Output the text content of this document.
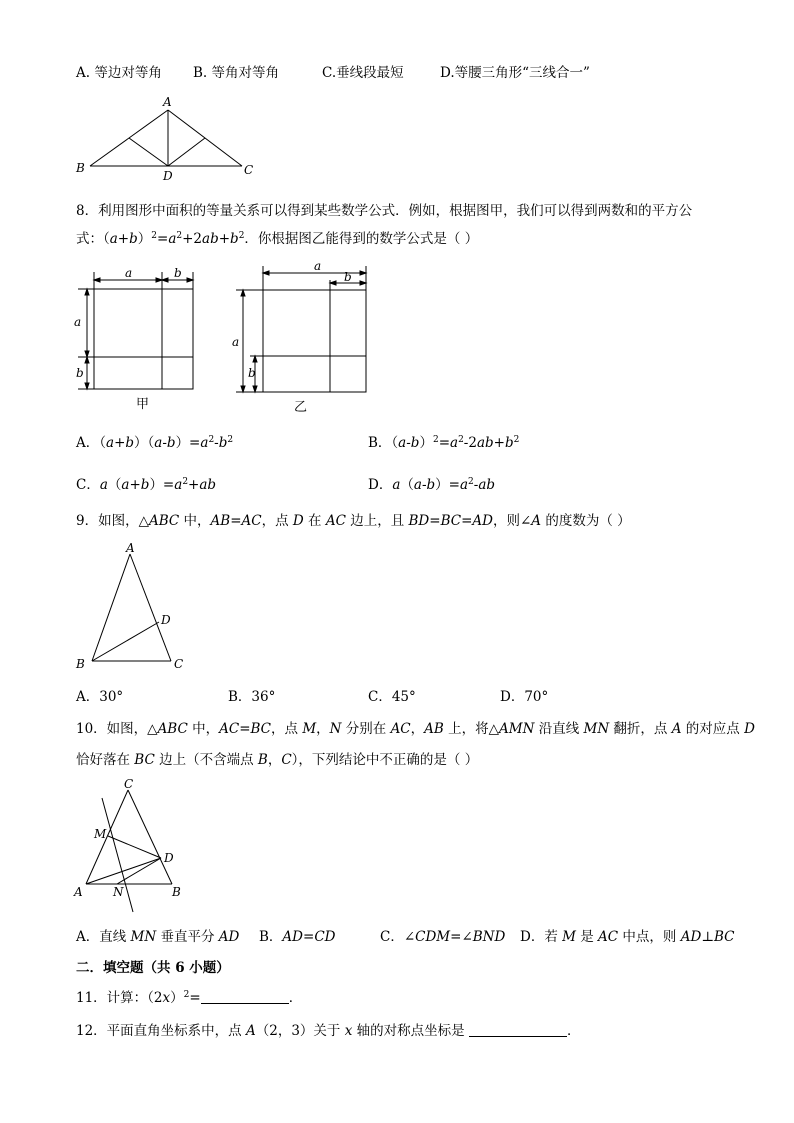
A. 等边对等角 B. 等角对等角	C.垂线段最短	D.等腰三角形“三线合一”
A
B	C
D
8．利用图形中面积的等量关系可以得到某些数学公式．例如，根据图甲，我们可以得到两数和的平方公
式：$(a+b)^2=a^2+2ab+b^2$．你根据图乙能得到的数学公式是（ ）
a	b
a
b
甲
a
b
a
b
乙
A．$(a+b)(a-b)=a^2-b^2$	B．$(a-b)^2=a^2-2ab+b^2$
C．$a(a+b)=a^2+ab$	D．$a(a-b)=a^2-ab$
9．如图，△ABC 中，AB=AC，点 D 在 AC 边上，且 BD=BC=AD，则∠A 的度数为（ ）
A
B	C
D
A．30°	B．36°	C．45°	D．70°
10．如图，△ABC 中，AC=BC，点 M，N 分别在 AC，AB 上，将△AMN 沿直线 MN 翻折，点 A 的对应点 D
恰好落在 BC 边上（不含端点 B，C），下列结论中不正确的是（ ）
C
A	B
D
M
N
A．直线 MN 垂直平分 AD B．AD=CD	C．∠CDM=∠BND D．若 M 是 AC 中点，则 AD⊥BC
二．填空题（共 6 小题）
11．计算：$(2x)^2=$	．
12．平面直角坐标系中，点 A（2，3）关于 x 轴的对称点坐标是	．
